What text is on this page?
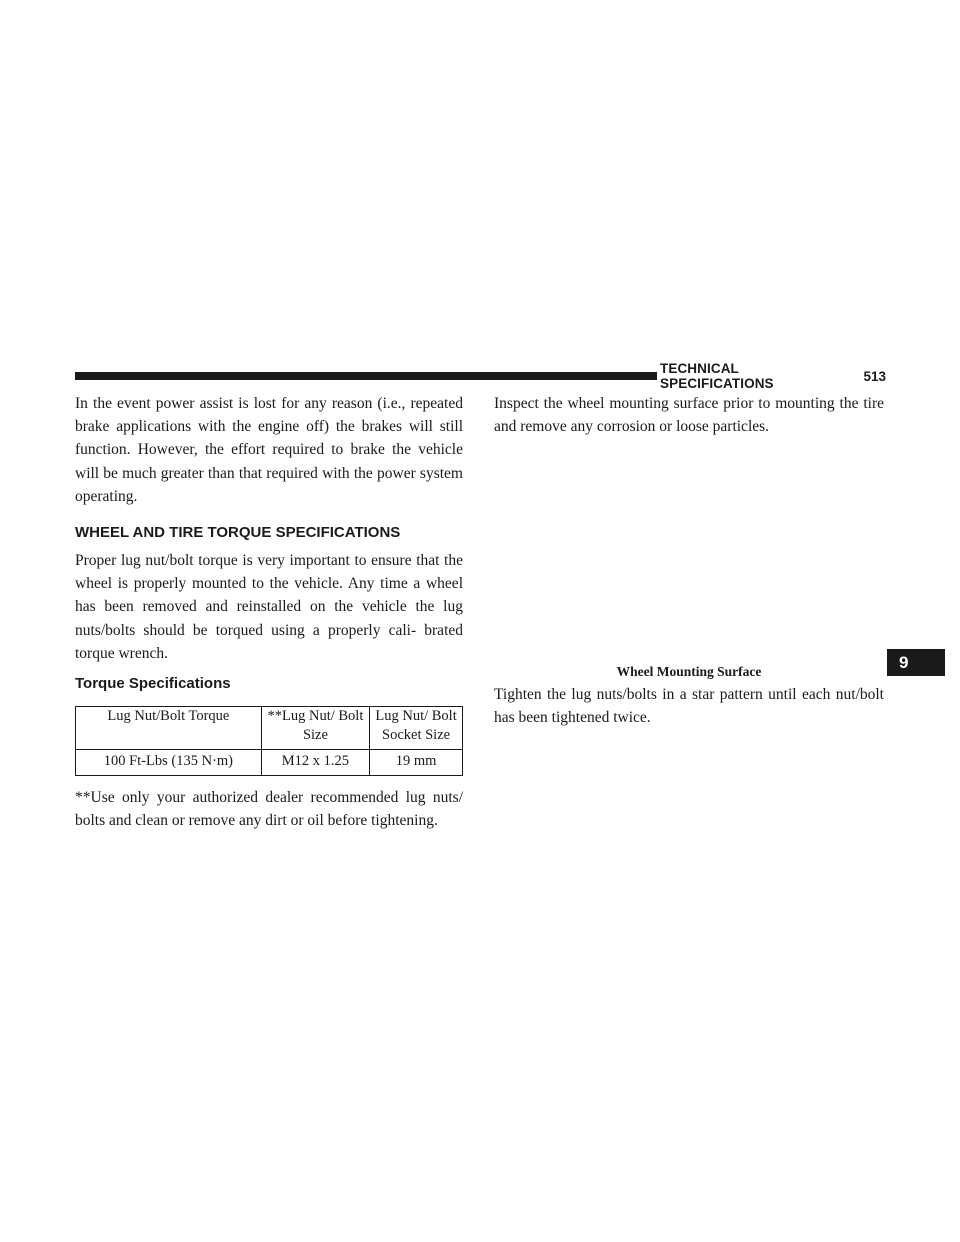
TECHNICAL SPECIFICATIONS	513
9

In the event power assist is lost for any reason (i.e., repeated brake applications with the engine off) the brakes will still function. However, the effort required to brake the vehicle will be much greater than that required with the power system operating.

WHEEL AND TIRE TORQUE SPECIFICATIONS

Proper lug nut/bolt torque is very important to ensure that the wheel is properly mounted to the vehicle. Any time a wheel has been removed and reinstalled on the vehicle the lug nuts/bolts should be torqued using a properly cali- brated torque wrench.

Torque Specifications
Lug Nut/Bolt Torque	**Lug Nut/ Bolt Size	Lug Nut/ Bolt Socket Size
100 Ft-Lbs (135 N·m)	M12 x 1.25	19 mm

**Use only your authorized dealer recommended lug nuts/ bolts and clean or remove any dirt or oil before tightening.

Inspect the wheel mounting surface prior to mounting the tire and remove any corrosion or loose particles.

Wheel Mounting Surface

Tighten the lug nuts/bolts in a star pattern until each nut/bolt has been tightened twice.
